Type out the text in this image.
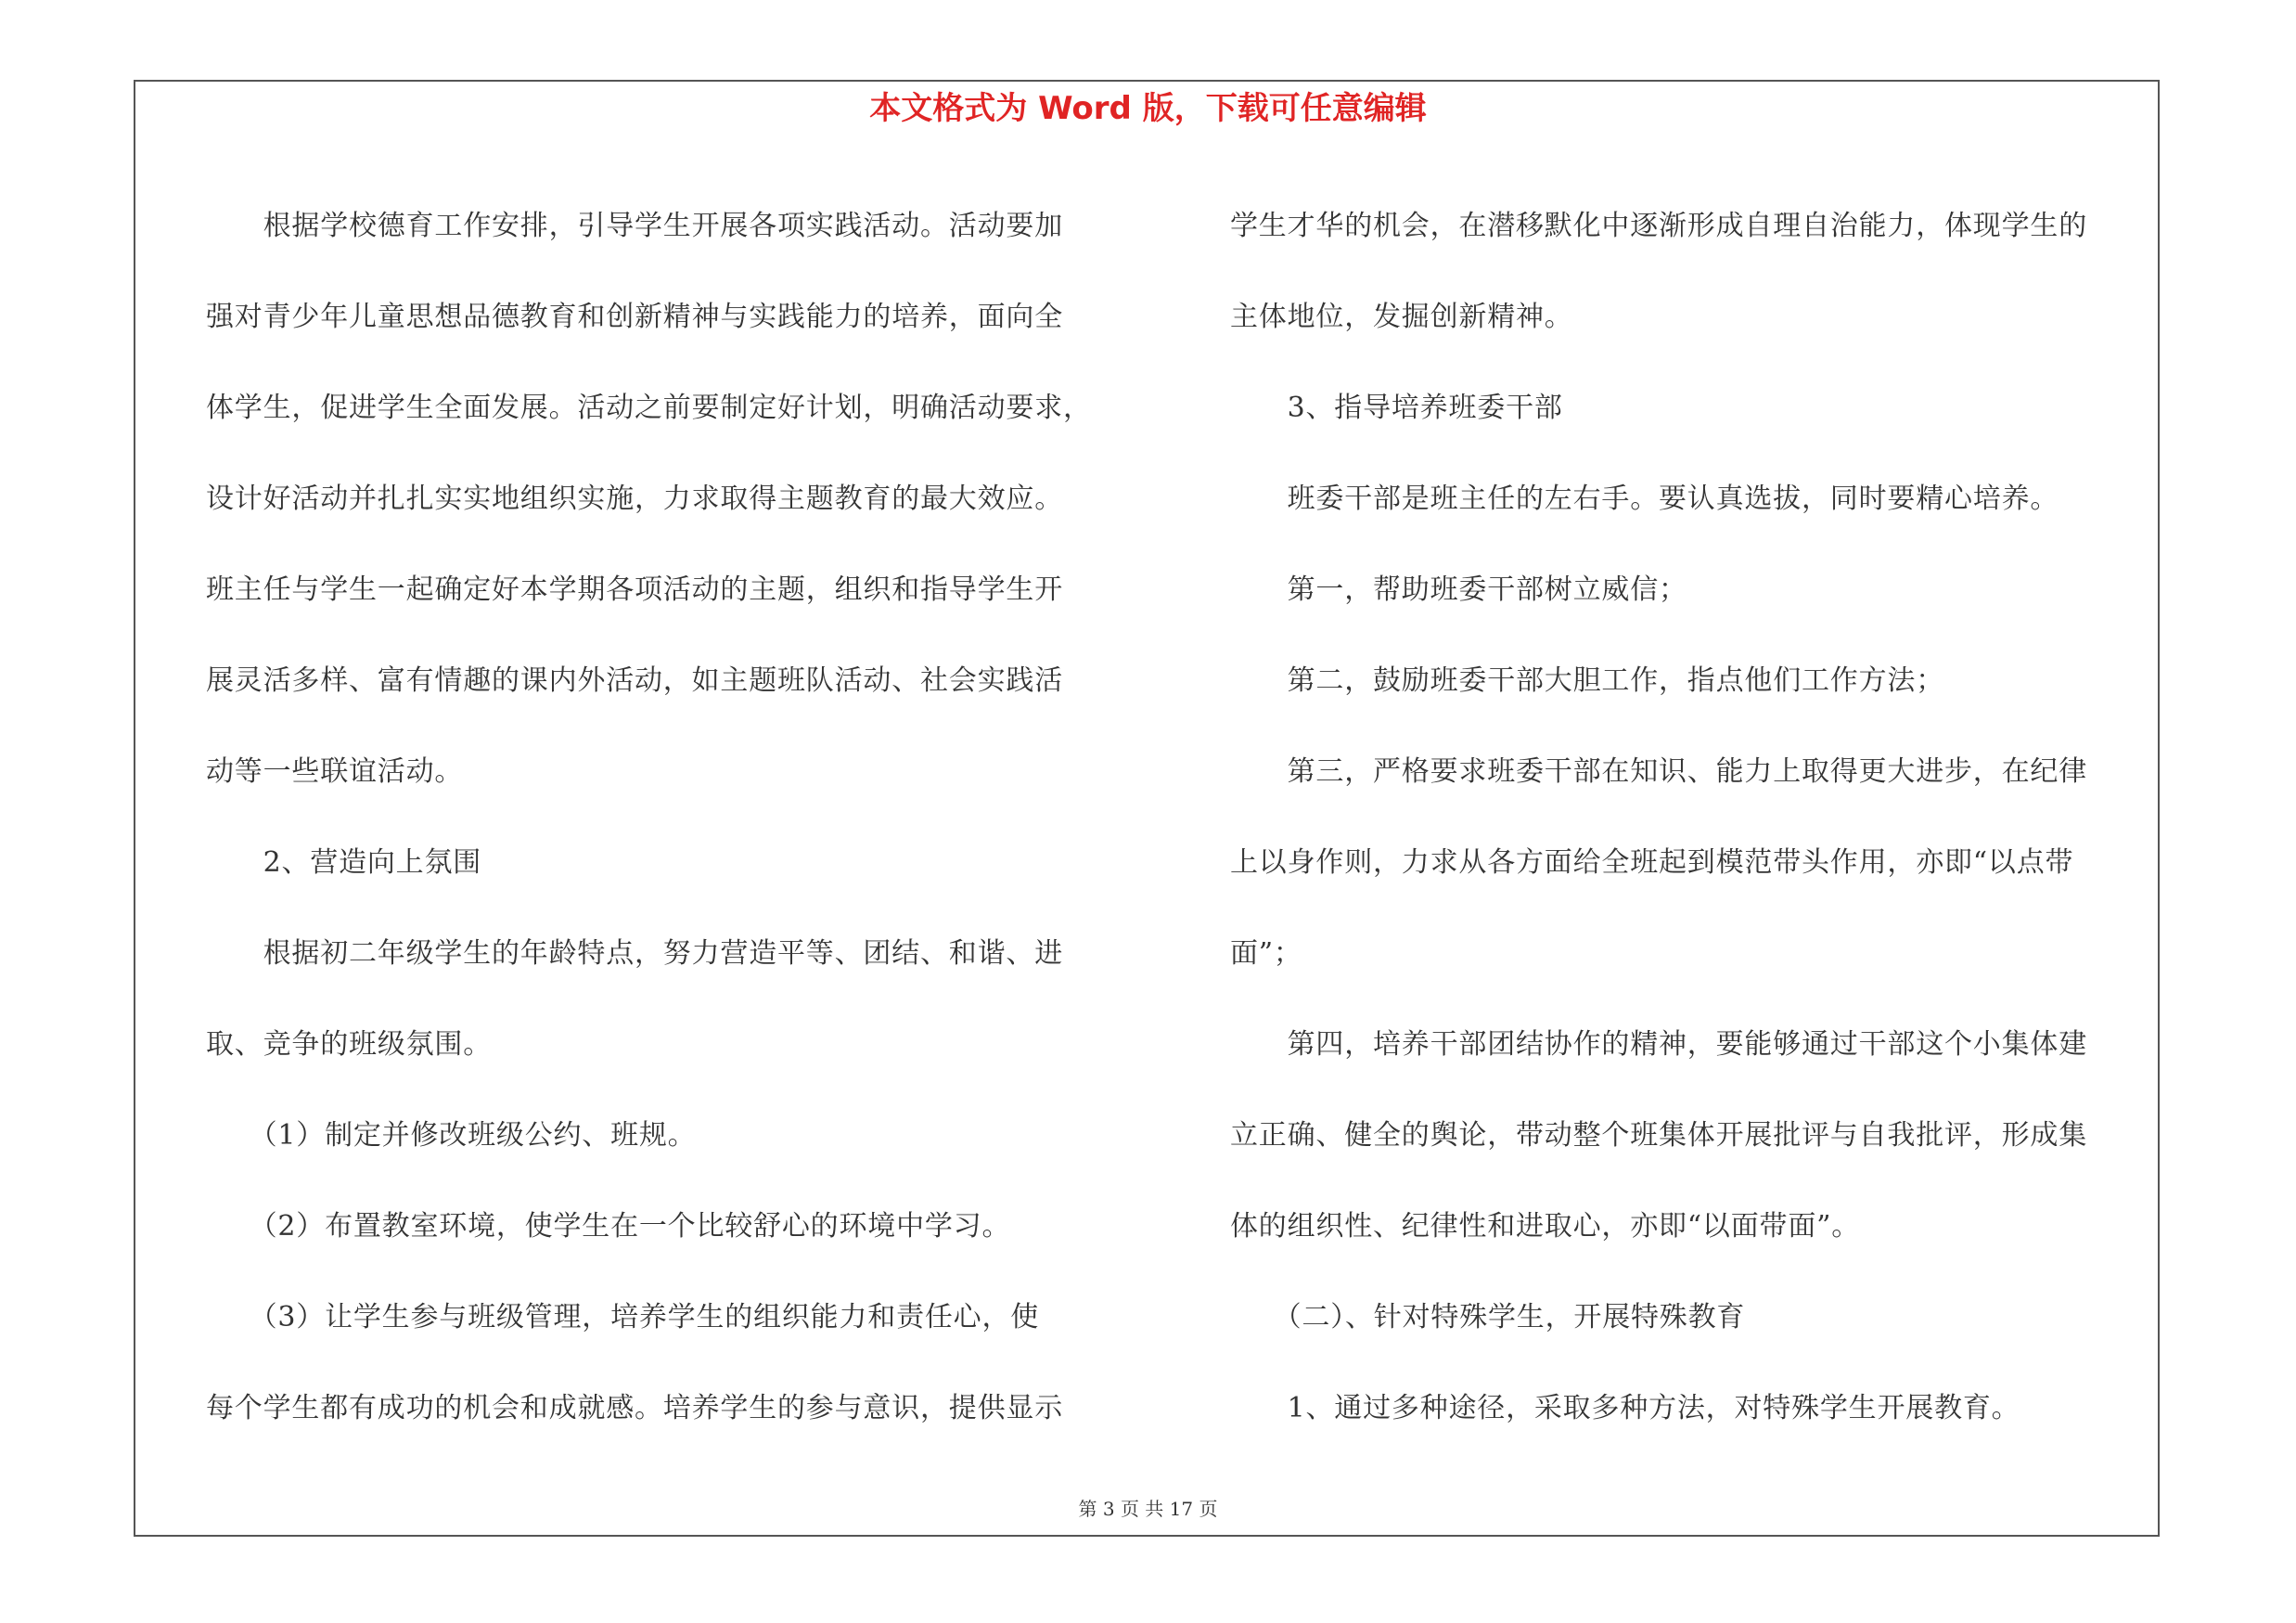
本文格式为 Word 版，下载可任意编辑
　　根据学校德育工作安排，引导学生开展各项实践活动。活动要加
强对青少年儿童思想品德教育和创新精神与实践能力的培养，面向全
体学生，促进学生全面发展。活动之前要制定好计划，明确活动要求，
设计好活动并扎扎实实地组织实施，力求取得主题教育的最大效应。
班主任与学生一起确定好本学期各项活动的主题，组织和指导学生开
展灵活多样、富有情趣的课内外活动，如主题班队活动、社会实践活
动等一些联谊活动。
　　2、营造向上氛围
　　根据初二年级学生的年龄特点，努力营造平等、团结、和谐、进
取、竞争的班级氛围。
　　（1）制定并修改班级公约、班规。
　　（2）布置教室环境，使学生在一个比较舒心的环境中学习。
　　（3）让学生参与班级管理，培养学生的组织能力和责任心，使
每个学生都有成功的机会和成就感。培养学生的参与意识，提供显示
学生才华的机会，在潜移默化中逐渐形成自理自治能力，体现学生的
主体地位，发掘创新精神。
　　3、指导培养班委干部
　　班委干部是班主任的左右手。要认真选拔，同时要精心培养。
　　第一，帮助班委干部树立威信；
　　第二，鼓励班委干部大胆工作，指点他们工作方法；
　　第三，严格要求班委干部在知识、能力上取得更大进步，在纪律
上以身作则，力求从各方面给全班起到模范带头作用，亦即“以点带
面”；
　　第四，培养干部团结协作的精神，要能够通过干部这个小集体建
立正确、健全的舆论，带动整个班集体开展批评与自我批评，形成集
体的组织性、纪律性和进取心，亦即“以面带面”。
　　（二）、针对特殊学生，开展特殊教育
　　1、通过多种途径，采取多种方法，对特殊学生开展教育。
第 3 页 共 17 页
